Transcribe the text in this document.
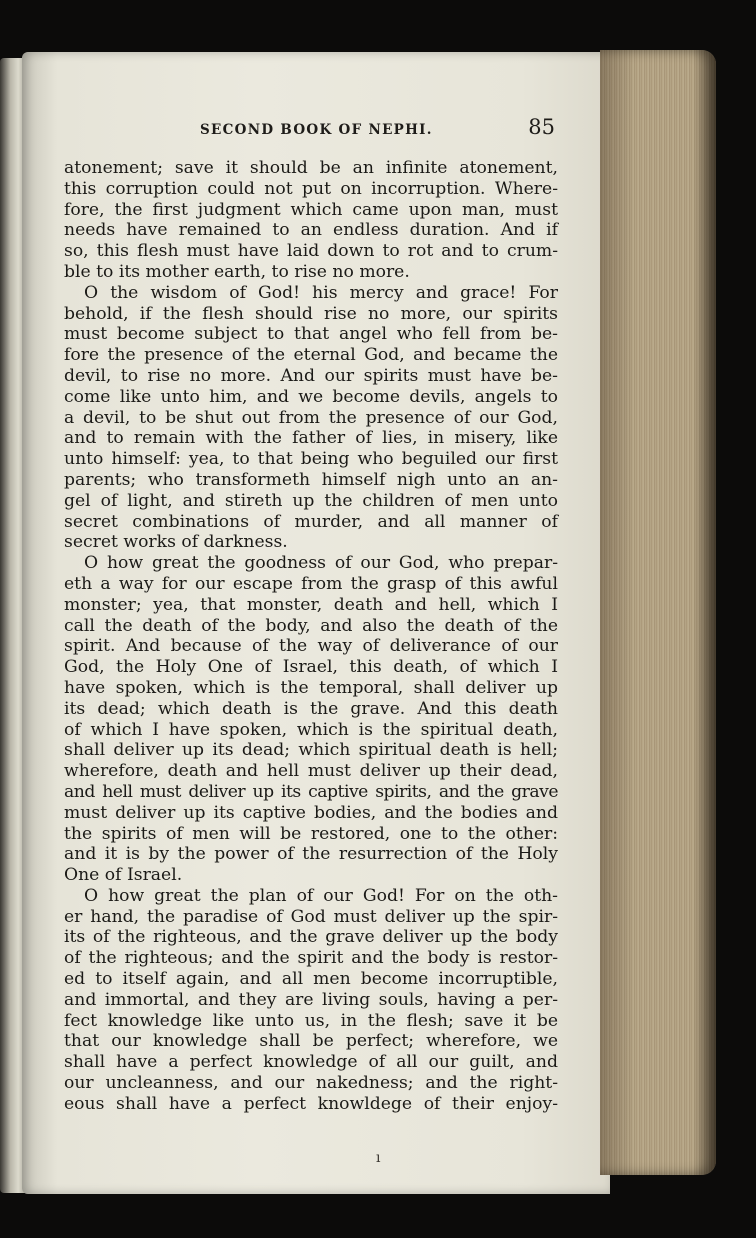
SECOND BOOK OF NEPHI.	85
atonement; save it should be an infinite atonement,
this corruption could not put on incorruption. Where-
fore, the first judgment which came upon man, must
needs have remained to an endless duration. And if
so, this flesh must have laid down to rot and to crum-
ble to its mother earth, to rise no more.
O the wisdom of God! his mercy and grace! For
behold, if the flesh should rise no more, our spirits
must become subject to that angel who fell from be-
fore the presence of the eternal God, and became the
devil, to rise no more. And our spirits must have be-
come like unto him, and we become devils, angels to
a devil, to be shut out from the presence of our God,
and to remain with the father of lies, in misery, like
unto himself: yea, to that being who beguiled our first
parents; who transformeth himself nigh unto an an-
gel of light, and stireth up the children of men unto
secret combinations of murder, and all manner of
secret works of darkness.
O how great the goodness of our God, who prepar-
eth a way for our escape from the grasp of this awful
monster; yea, that monster, death and hell, which I
call the death of the body, and also the death of the
spirit. And because of the way of deliverance of our
God, the Holy One of Israel, this death, of which I
have spoken, which is the temporal, shall deliver up
its dead; which death is the grave. And this death
of which I have spoken, which is the spiritual death,
shall deliver up its dead; which spiritual death is hell;
wherefore, death and hell must deliver up their dead,
and hell must deliver up its captive spirits, and the grave
must deliver up its captive bodies, and the bodies and
the spirits of men will be restored, one to the other:
and it is by the power of the resurrection of the Holy
One of Israel.
O how great the plan of our God! For on the oth-
er hand, the paradise of God must deliver up the spir-
its of the righteous, and the grave deliver up the body
of the righteous; and the spirit and the body is restor-
ed to itself again, and all men become incorruptible,
and immortal, and they are living souls, having a per-
fect knowledge like unto us, in the flesh; save it be
that our knowledge shall be perfect; wherefore, we
shall have a perfect knowledge of all our guilt, and
our uncleanness, and our nakedness; and the right-
eous shall have a perfect knowldege of their enjoy-
ı
